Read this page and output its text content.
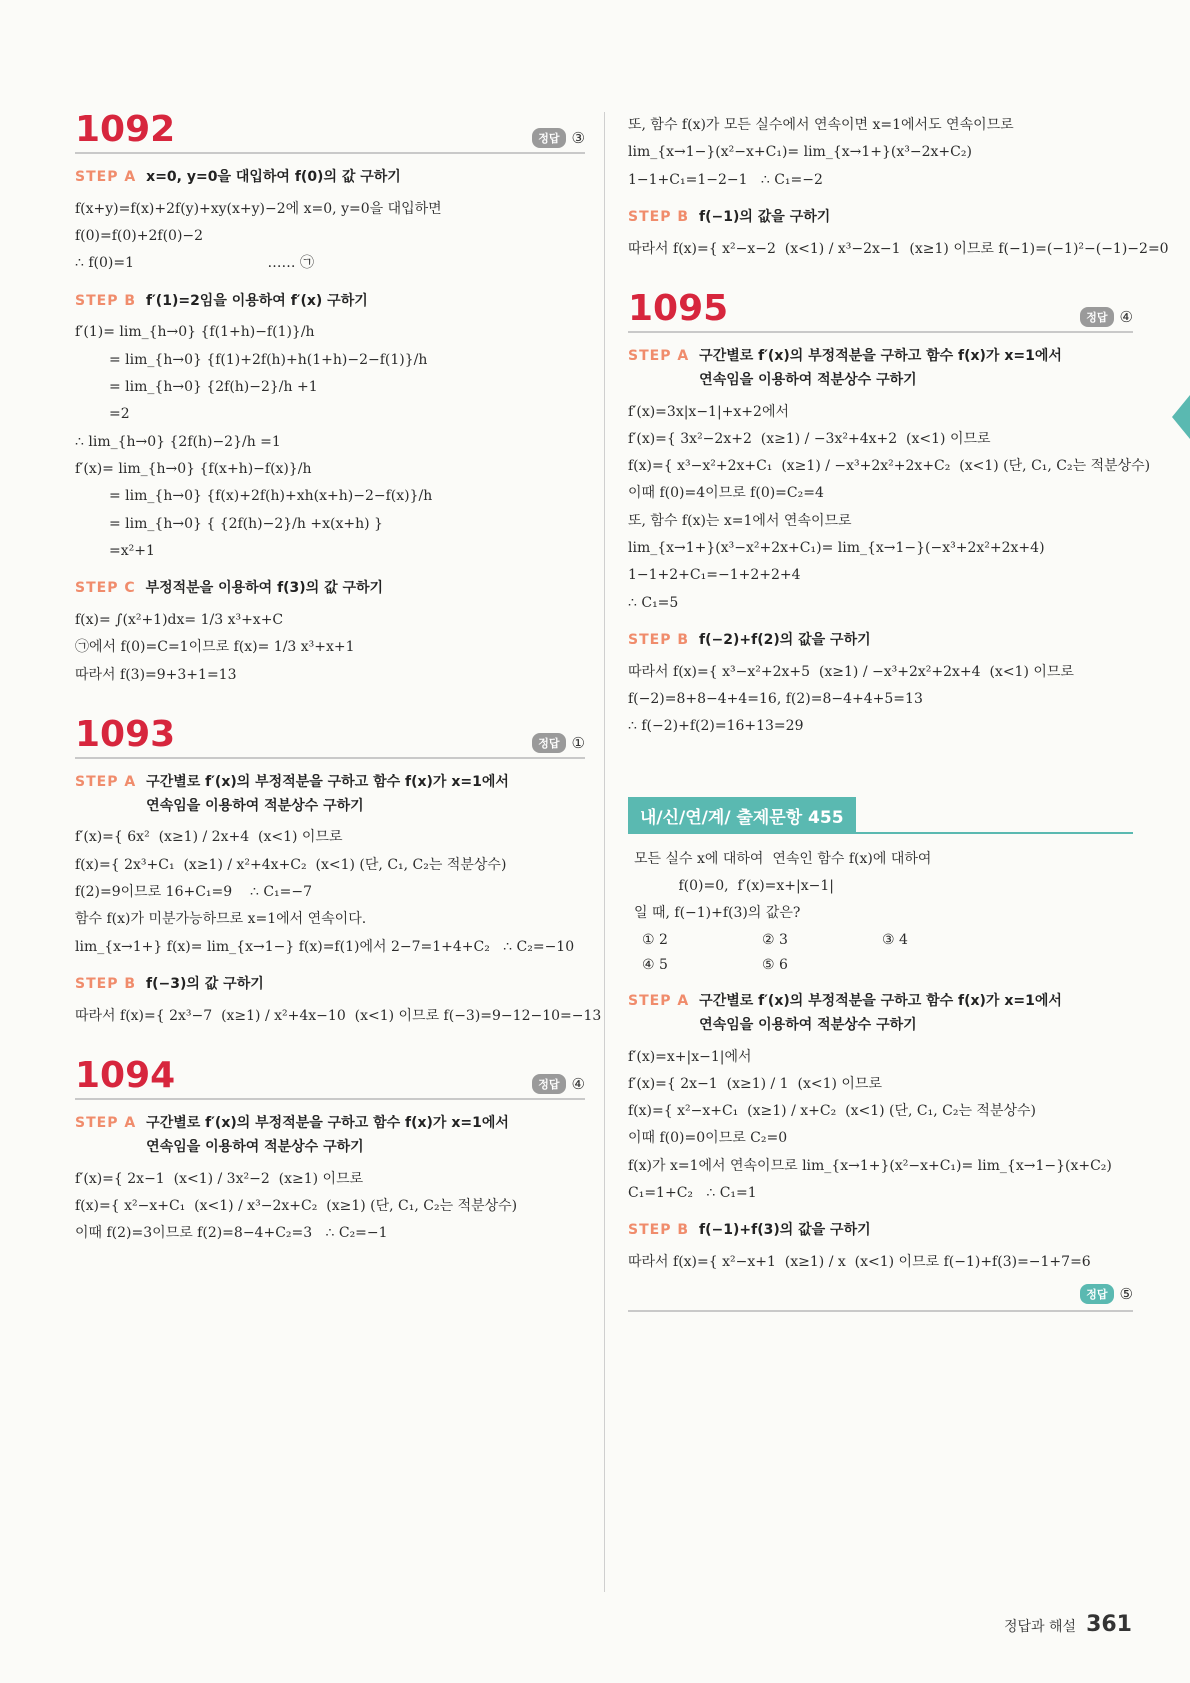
1092	정답 ③
STEP A x=0, y=0을 대입하여 f(0)의 값 구하기
f(x+y)=f(x)+2f(y)+xy(x+y)−2에 x=0, y=0을 대입하면
f(0)=f(0)+2f(0)−2
∴ f(0)=1                              …… ㉠
STEP B f′(1)=2임을 이용하여 f′(x) 구하기
f′(1)= lim_{h→0} {f(1+h)−f(1)}/h
= lim_{h→0} {f(1)+2f(h)+h(1+h)−2−f(1)}/h
= lim_{h→0} {2f(h)−2}/h +1
=2
∴ lim_{h→0} {2f(h)−2}/h =1
f′(x)= lim_{h→0} {f(x+h)−f(x)}/h
= lim_{h→0} {f(x)+2f(h)+xh(x+h)−2−f(x)}/h
= lim_{h→0} { {2f(h)−2}/h +x(x+h) }
=x²+1
STEP C 부정적분을 이용하여 f(3)의 값 구하기
f(x)= ∫(x²+1)dx= 1/3 x³+x+C
㉠에서 f(0)=C=1이므로 f(x)= 1/3 x³+x+1
따라서 f(3)=9+3+1=13
1093	정답 ①
STEP A 구간별로 f′(x)의 부정적분을 구하고 함수 f(x)가 x=1에서
연속임을 이용하여 적분상수 구하기
f′(x)={ 6x²  (x≥1) / 2x+4  (x<1) 이므로
f(x)={ 2x³+C₁  (x≥1) / x²+4x+C₂  (x<1) (단, C₁, C₂는 적분상수)
f(2)=9이므로 16+C₁=9    ∴ C₁=−7
함수 f(x)가 미분가능하므로 x=1에서 연속이다.
lim_{x→1+} f(x)= lim_{x→1−} f(x)=f(1)에서 2−7=1+4+C₂   ∴ C₂=−10
STEP B f(−3)의 값 구하기
따라서 f(x)={ 2x³−7  (x≥1) / x²+4x−10  (x<1) 이므로 f(−3)=9−12−10=−13
1094	정답 ④
STEP A 구간별로 f′(x)의 부정적분을 구하고 함수 f(x)가 x=1에서
연속임을 이용하여 적분상수 구하기
f′(x)={ 2x−1  (x<1) / 3x²−2  (x≥1) 이므로
f(x)={ x²−x+C₁  (x<1) / x³−2x+C₂  (x≥1) (단, C₁, C₂는 적분상수)
이때 f(2)=3이므로 f(2)=8−4+C₂=3   ∴ C₂=−1
또, 함수 f(x)가 모든 실수에서 연속이면 x=1에서도 연속이므로
lim_{x→1−}(x²−x+C₁)= lim_{x→1+}(x³−2x+C₂)
1−1+C₁=1−2−1   ∴ C₁=−2
STEP B f(−1)의 값을 구하기
따라서 f(x)={ x²−x−2  (x<1) / x³−2x−1  (x≥1) 이므로 f(−1)=(−1)²−(−1)−2=0
1095	정답 ④
STEP A 구간별로 f′(x)의 부정적분을 구하고 함수 f(x)가 x=1에서
연속임을 이용하여 적분상수 구하기
f′(x)=3x|x−1|+x+2에서
f′(x)={ 3x²−2x+2  (x≥1) / −3x²+4x+2  (x<1) 이므로
f(x)={ x³−x²+2x+C₁  (x≥1) / −x³+2x²+2x+C₂  (x<1) (단, C₁, C₂는 적분상수)
이때 f(0)=4이므로 f(0)=C₂=4
또, 함수 f(x)는 x=1에서 연속이므로
lim_{x→1+}(x³−x²+2x+C₁)= lim_{x→1−}(−x³+2x²+2x+4)
1−1+2+C₁=−1+2+2+4
∴ C₁=5
STEP B f(−2)+f(2)의 값을 구하기
따라서 f(x)={ x³−x²+2x+5  (x≥1) / −x³+2x²+2x+4  (x<1) 이므로
f(−2)=8+8−4+4=16, f(2)=8−4+4+5=13
∴ f(−2)+f(2)=16+13=29
내/신/연/계/ 출제문항 455
모든 실수 x에 대하여  연속인 함수 f(x)에 대하여
f(0)=0,  f′(x)=x+|x−1|
일 때, f(−1)+f(3)의 값은?
① 2	② 3	③ 4
④ 5	⑤ 6
STEP A 구간별로 f′(x)의 부정적분을 구하고 함수 f(x)가 x=1에서
연속임을 이용하여 적분상수 구하기
f′(x)=x+|x−1|에서
f′(x)={ 2x−1  (x≥1) / 1  (x<1) 이므로
f(x)={ x²−x+C₁  (x≥1) / x+C₂  (x<1) (단, C₁, C₂는 적분상수)
이때 f(0)=0이므로 C₂=0
f(x)가 x=1에서 연속이므로 lim_{x→1+}(x²−x+C₁)= lim_{x→1−}(x+C₂)
C₁=1+C₂   ∴ C₁=1
STEP B f(−1)+f(3)의 값을 구하기
따라서 f(x)={ x²−x+1  (x≥1) / x  (x<1) 이므로 f(−1)+f(3)=−1+7=6
정답 ⑤
정답과 해설 361
